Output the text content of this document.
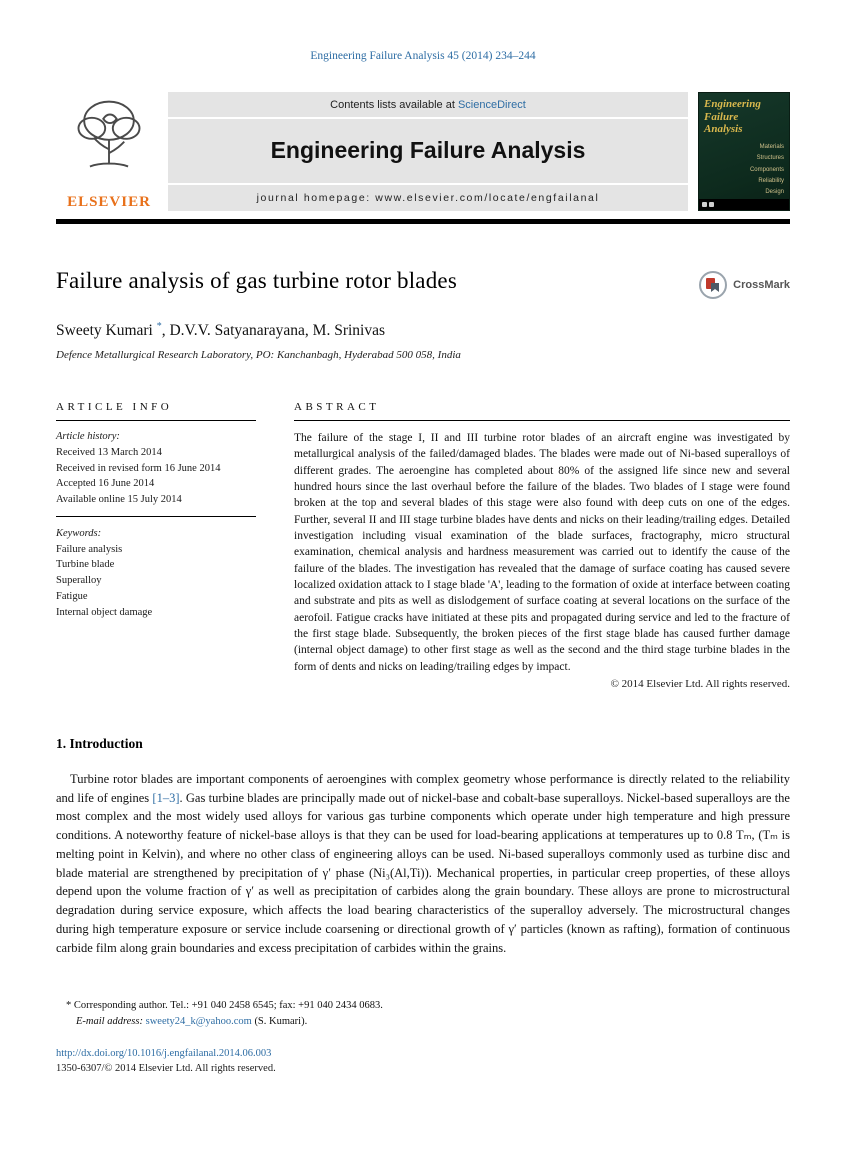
Engineering Failure Analysis 45 (2014) 234–244
ELSEVIER
Contents lists available at ScienceDirect
Engineering Failure Analysis
journal homepage: www.elsevier.com/locate/engfailanal
Engineering
Failure
Analysis
Materials
Structures
Components
Reliability
Design
Failure analysis of gas turbine rotor blades	CrossMark
Sweety Kumari *, D.V.V. Satyanarayana, M. Srinivas
Defence Metallurgical Research Laboratory, PO: Kanchanbagh, Hyderabad 500 058, India
ARTICLE INFO
Article history:
Received 13 March 2014
Received in revised form 16 June 2014
Accepted 16 June 2014
Available online 15 July 2014
Keywords:
Failure analysis
Turbine blade
Superalloy
Fatigue
Internal object damage
ABSTRACT

The failure of the stage I, II and III turbine rotor blades of an aircraft engine was investigated by metallurgical analysis of the failed/damaged blades. The blades were made out of Ni-based superalloys of different grades. The aeroengine has completed about 80% of the assigned life since new and several hundred hours since the last overhaul before the failure of the blades. Two blades of I stage were found broken at the top and several blades of this stage were also found with deep cuts on one of the edges. Further, several II and III stage turbine blades have dents and nicks on their leading/trailing edges. Detailed investigation including visual examination of the blade surfaces, fractography, micro structural examination, chemical analysis and hardness measurement was carried out to identify the cause of the failure of the blades. The investigation has revealed that the damage of surface coating has caused severe localized oxidation attack to I stage blade 'A', leading to the formation of oxide at interface between coating and substrate and pits as well as dislodgement of surface coating at several locations on the surface of the aerofoil. Fatigue cracks have initiated at these pits and propagated during service and led to the fracture of the first stage blade. Subsequently, the broken pieces of the first stage blade has caused further damage (internal object damage) to other first stage as well as the second and the third stage turbine blades in the form of dents and nicks on leading/trailing edges by impact.

© 2014 Elsevier Ltd. All rights reserved.
1. Introduction

Turbine rotor blades are important components of aeroengines with complex geometry whose performance is directly related to the reliability and life of engines [1–3]. Gas turbine blades are principally made out of nickel-base and cobalt-base superalloys. Nickel-based superalloys are the most complex and the most widely used alloys for various gas turbine components which operate under high temperature and high pressure conditions. A noteworthy feature of nickel-base alloys is that they can be used for load-bearing applications at temperatures up to 0.8 Tₘ, (Tₘ is melting point in Kelvin), and where no other class of engineering alloys can be used. Ni-based superalloys commonly used as turbine disc and blade material are strengthened by precipitation of γ′ phase (Ni₃(Al,Ti)). Mechanical properties, in particular creep properties, of these alloys depend upon the volume fraction of γ′ as well as precipitation of carbides along the grain boundary. These alloys are prone to microstructural degradation during service exposure, which affects the load bearing characteristics of the superalloy adversely. The microstructural changes during high temperature exposure or service include coarsening or directional growth of γ′ particles (known as rafting), formation of continuous carbide film along grain boundaries and excess precipitation of carbides within the grains.

* Corresponding author. Tel.: +91 040 2458 6545; fax: +91 040 2434 0683.
E-mail address: sweety24_k@yahoo.com (S. Kumari).
http://dx.doi.org/10.1016/j.engfailanal.2014.06.003
1350-6307/© 2014 Elsevier Ltd. All rights reserved.
